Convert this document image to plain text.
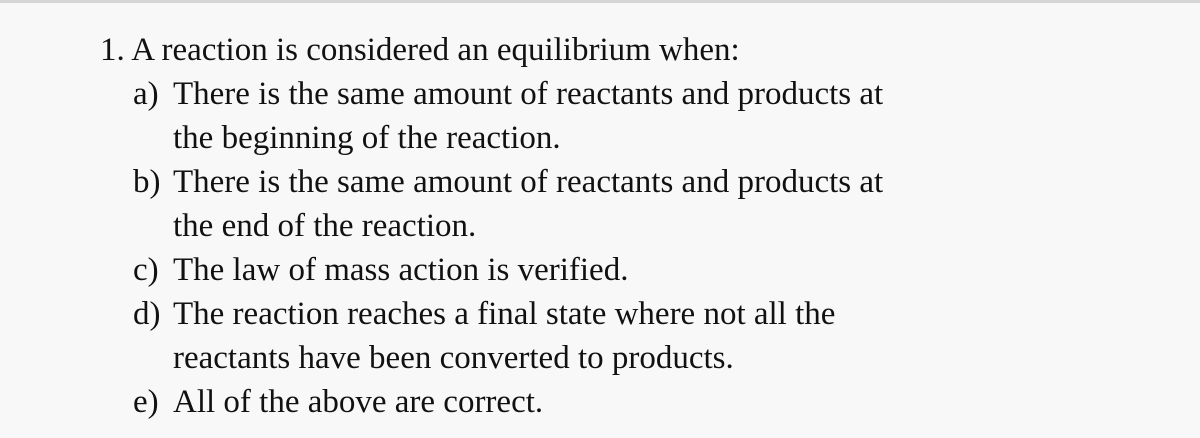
1. A reaction is considered an equilibrium when:

a) There is the same amount of reactants and products at
the beginning of the reaction.
b) There is the same amount of reactants and products at
the end of the reaction.
c) The law of mass action is verified.
d) The reaction reaches a final state where not all the
reactants have been converted to products.
e) All of the above are correct.
